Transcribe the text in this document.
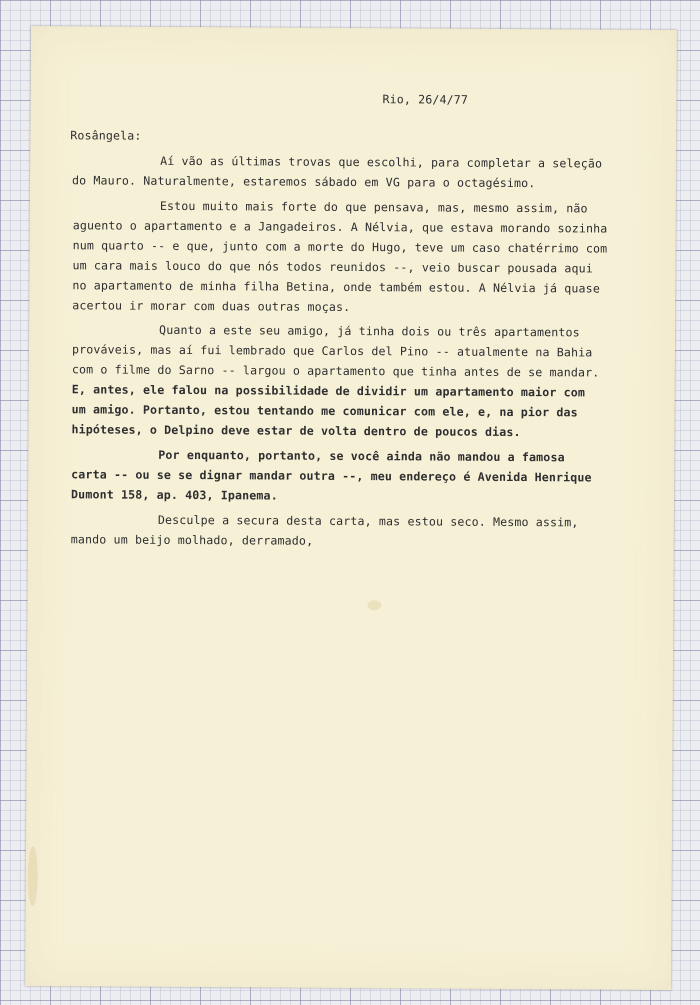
Rio, 26/4/77
Rosângela:
Aí vão as últimas trovas que escolhi, para completar a seleção
do Mauro. Naturalmente, estaremos sábado em VG para o octagésimo.
Estou muito mais forte do que pensava, mas, mesmo assim, não
aguento o apartamento e a Jangadeiros. A Nélvia, que estava morando sozinha
num quarto -- e que, junto com a morte do Hugo, teve um caso chatérrimo com
um cara mais louco do que nós todos reunidos --, veio buscar pousada aqui
no apartamento de minha filha Betina, onde também estou. A Nélvia já quase
acertou ir morar com duas outras moças.
Quanto a este seu amigo, já tinha dois ou três apartamentos
prováveis, mas aí fui lembrado que Carlos del Pino -- atualmente na Bahia
com o filme do Sarno -- largou o apartamento que tinha antes de se mandar.
E, antes, ele falou na possibilidade de dividir um apartamento maior com
um amigo. Portanto, estou tentando me comunicar com ele, e, na pior das
hipóteses, o Delpino deve estar de volta dentro de poucos dias.
Por enquanto, portanto, se você ainda não mandou a famosa
carta -- ou se se dignar mandar outra --, meu endereço é Avenida Henrique
Dumont 158, ap. 403, Ipanema.
Desculpe a secura desta carta, mas estou seco. Mesmo assim,
mando um beijo molhado, derramado,
